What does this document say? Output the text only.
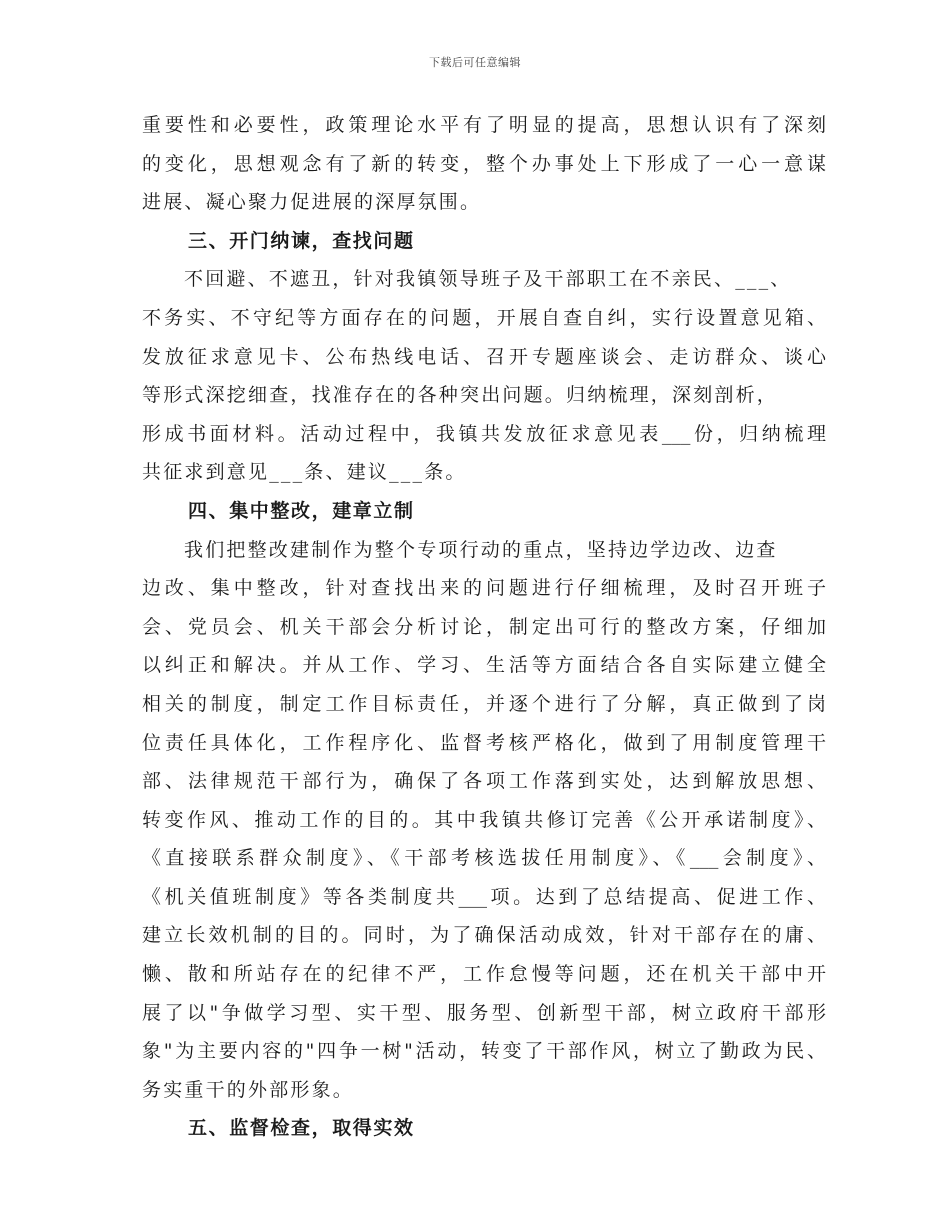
下载后可任意编辑
重要性和必要性，政策理论水平有了明显的提高，思想认识有了深刻
的变化，思想观念有了新的转变，整个办事处上下形成了一心一意谋
进展、凝心聚力促进展的深厚氛围。
三、开门纳谏，查找问题
不回避、不遮丑，针对我镇领导班子及干部职工在不亲民、___、
不务实、不守纪等方面存在的问题，开展自查自纠，实行设置意见箱、
发放征求意见卡、公布热线电话、召开专题座谈会、走访群众、谈心
等形式深挖细查，找准存在的各种突出问题。归纳梳理，深刻剖析，
形成书面材料。活动过程中，我镇共发放征求意见表___份，归纳梳理
共征求到意见___条、建议___条。
四、集中整改，建章立制
我们把整改建制作为整个专项行动的重点，坚持边学边改、边查
边改、集中整改，针对查找出来的问题进行仔细梳理，及时召开班子
会、党员会、机关干部会分析讨论，制定出可行的整改方案，仔细加
以纠正和解决。并从工作、学习、生活等方面结合各自实际建立健全
相关的制度，制定工作目标责任，并逐个进行了分解，真正做到了岗
位责任具体化，工作程序化、监督考核严格化，做到了用制度管理干
部、法律规范干部行为，确保了各项工作落到实处，达到解放思想、
转变作风、推动工作的目的。其中我镇共修订完善《公开承诺制度》、
《直接联系群众制度》、《干部考核选拔任用制度》、《___会制度》、
《机关值班制度》等各类制度共___项。达到了总结提高、促进工作、
建立长效机制的目的。同时，为了确保活动成效，针对干部存在的庸、
懒、散和所站存在的纪律不严，工作怠慢等问题，还在机关干部中开
展了以"争做学习型、实干型、服务型、创新型干部，树立政府干部形
象"为主要内容的"四争一树"活动，转变了干部作风，树立了勤政为民、
务实重干的外部形象。
五、监督检查，取得实效
